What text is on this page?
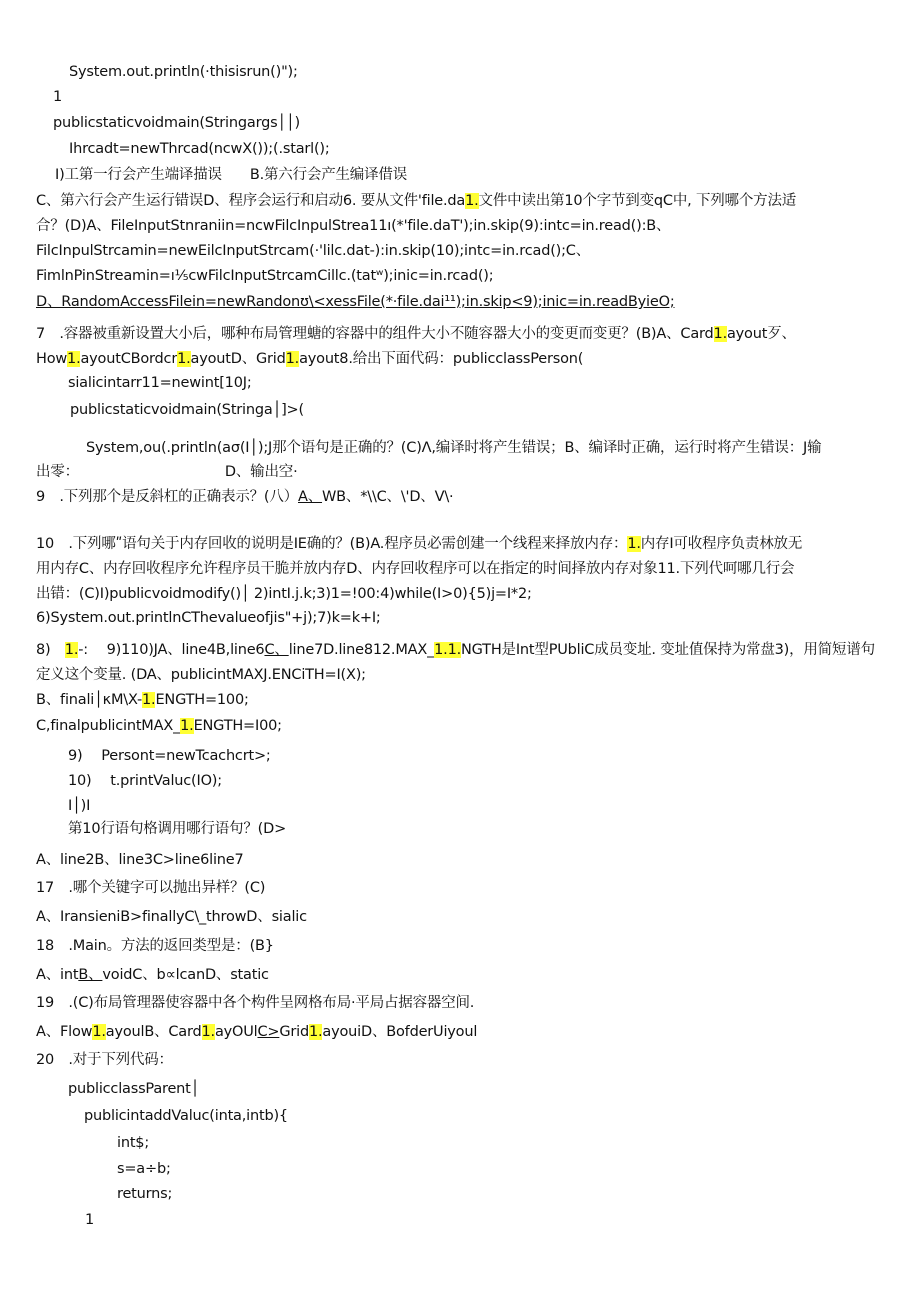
System.out.println(·thisisrun()");
1
publicstaticvoidmain(Stringargs││)
Ihrcadt=newThrcad(ncwX());(.starl();
I)工第一行会产生端译描误 B.第六行会产生编译借误
C、第六行会产生运行错误D、程序会运行和启动6. 要从文件'file.da1.文件中读出第10个字节到变qC中, 下列哪个方法适
合？(D)A、FileInputStnraniin=ncwFilcInpulStrea11ı(*'file.daT');in.skip(9):intc=in.read():B、
FilcInpulStrcamin=newEilcInputStrcam(·'lilc.dat-):in.skip(10);intc=in.rcad();C、
FimlnPinStreamin=ı⅕cwFilcInputStrcamCillc.(tatʷ);inic=in.rcad();
D、RandomAccessFilein=newRandonʊ\<xessFile(*·file.dai¹¹);in.skip<9);inic=in.readByieO;
7　.容器被重新设置大小后，哪种布局管理螗的容器中的组件大小不随容器大小的变更而变更？(B)A、Card1.ayout歹、
How1.ayoutCBordcr1.ayoutD、Grid1.ayout8.给出下面代码：publicclassPerson(
sialicintarr11=newint[10J;
publicstaticvoidmain(Stringa│]>(
System,ou(.println(aσ(I│);J那个语句是正确的？(C)Λ,编译时将产生错误；B、编译时正确，运行时将产生错误：J输
出零：	D、输出空·
9　.下列那个是反斜杠的正确表示？(八）A、WB、*\\C、\'D、V\·
10　.下列哪ʺ语句关于内存回收的说明是IE确的？(B)A.程序员必需创建一个线程来择放内存：1.内存I可收程序负责林放无
用内存C、内存回收程序允许程序员干脆并放内存D、内存回收程序可以在指定的时间择放内存对象11.下列代呵哪几行会
出错：(C)I)publicvoidmodify()│ 2)intI.j.k;3)1=!00:4)while(I>0){5)j=I*2;
6)System.out.printlnCThevalueofjis"+j);7)k=k+I;
8)　1.-:　 9)110)JA、line4B,line6C、line7D.line812.MAX_1.1.NGTH是Int型PUbliC成员变址. 变址值保持为常盘3)，用简短谱句
定义这个变量. (DA、publicintMAXJ.ENCiTH=I(X);
B、finali│κM\X-1.ENGTH=100;
C,finalpublicintMAX_1.ENGTH=I00;
9)　 Persont=newTcachcrt>;
10)　 t.printValuc(IO);
I│)I
第10行语句格调用哪行语句？(D>
A、line2B、line3C>line6line7
17　.哪个关键字可以抛出异样？(C)
A、IransieniB>finallyC\_throwD、sialic
18　.Main。方法的返回类型是：(B}
A、intB、voidC、b∝lcanD、static
19　.(C)布局管理器使容器中各个构件呈网格布局·平局占据容器空间.
A、Flow1.ayoulB、Card1.ayOUlC>Grid1.ayouiD、BofderUiyoul
20　.对于下列代码：
publicclassParent│
publicintaddValuc(inta,intb){
int$;
s=a÷b;
returns;
1
